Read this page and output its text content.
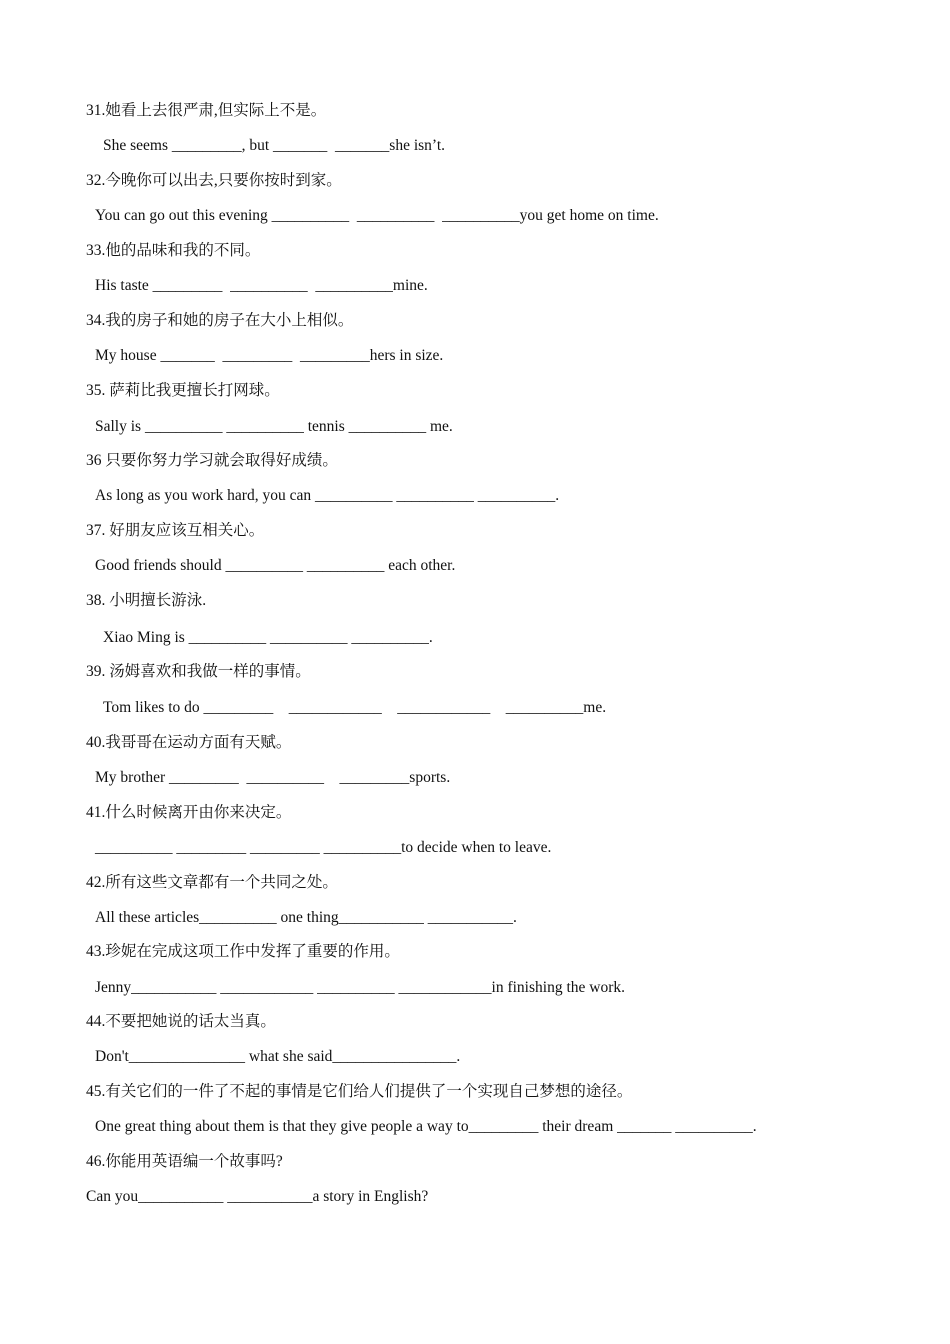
31.她看上去很严肃,但实际上不是。
She seems _________, but _______  _______she isn’t.
32.今晚你可以出去,只要你按时到家。
You can go out this evening __________  __________  __________you get home on time.
33.他的品味和我的不同。
His taste _________  __________  __________mine.
34.我的房子和她的房子在大小上相似。
My house _______  _________  _________hers in size.
35. 萨莉比我更擅长打网球。
Sally is __________ __________ tennis __________ me.
36 只要你努力学习就会取得好成绩。
As long as you work hard, you can __________ __________ __________.
37. 好朋友应该互相关心。
Good friends should __________ __________ each other.
38. 小明擅长游泳.
Xiao Ming is __________ __________ __________.
39. 汤姆喜欢和我做一样的事情。
Tom likes to do _________    ____________    ____________    __________me.
40.我哥哥在运动方面有天赋。
My brother _________  __________    _________sports.
41.什么时候离开由你来决定。
__________ _________ _________ __________to decide when to leave.
42.所有这些文章都有一个共同之处。
All these articles__________ one thing___________ ___________.
43.珍妮在完成这项工作中发挥了重要的作用。
Jenny___________ ____________ __________ ____________in finishing the work.
44.不要把她说的话太当真。
Don't_______________ what she said________________.
45.有关它们的一件了不起的事情是它们给人们提供了一个实现自己梦想的途径。
One great thing about them is that they give people a way to_________ their dream _______ __________.
46.你能用英语编一个故事吗?
Can you___________ ___________a story in English?
